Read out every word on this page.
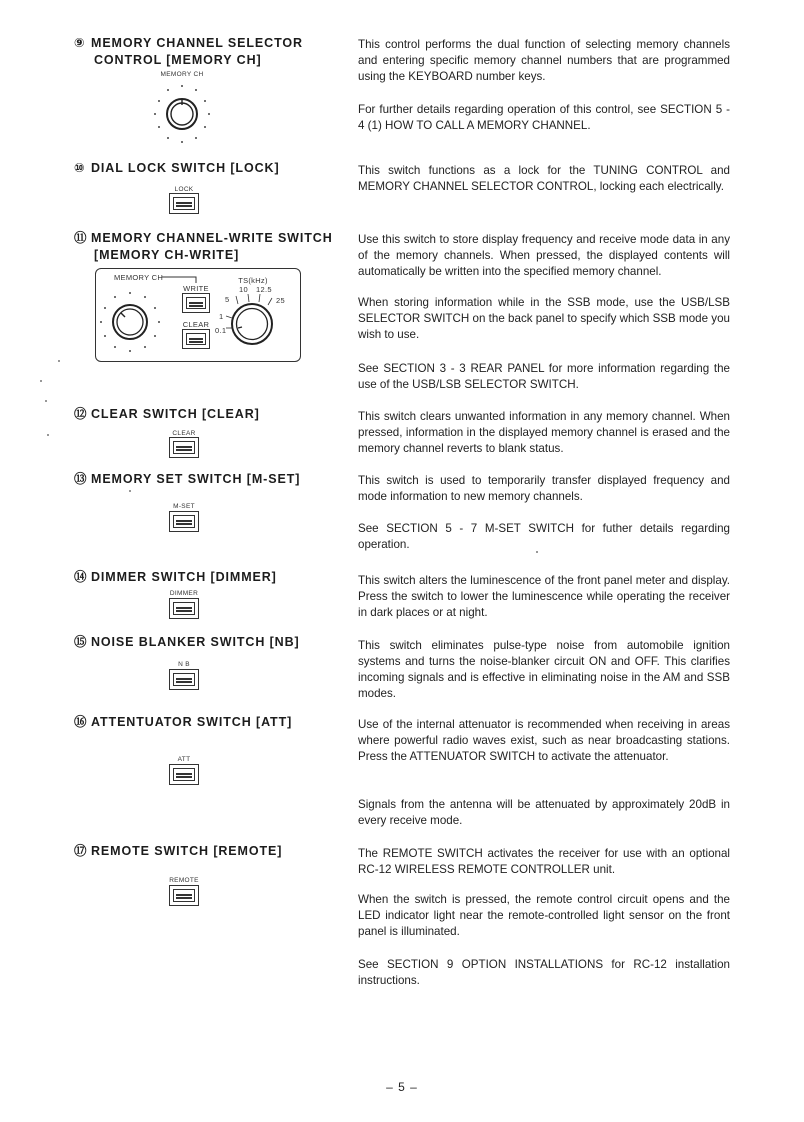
⑨ MEMORY CHANNEL SELECTOR
CONTROL [MEMORY CH]
MEMORY CH
This control performs the dual function of selecting memory channels and entering specific memory channel numbers that are programmed using the KEYBOARD number keys.
For further details regarding operation of this control, see SECTION 5 - 4 (1) HOW TO CALL A MEMORY CHANNEL.
⑩ DIAL LOCK SWITCH [LOCK]
LOCK
This switch functions as a lock for the TUNING CONTROL and MEMORY CHANNEL SELECTOR CONTROL, locking each electrically.
⑪ MEMORY CHANNEL-WRITE SWITCH
[MEMORY CH-WRITE]
MEMORY CH
WRITE
CLEAR
TS(kHz)
10 12.5
5	25
1
0.1
Use this switch to store display frequency and receive mode data in any of the memory channels. When pressed, the displayed contents will automatically be written into the specified memory channel.
When storing information while in the SSB mode, use the USB/LSB SELECTOR SWITCH on the back panel to specify which SSB mode you wish to use.
See SECTION 3 - 3 REAR PANEL for more information regarding the use of the USB/LSB SELECTOR SWITCH.
⑫ CLEAR SWITCH [CLEAR]
CLEAR
This switch clears unwanted information in any memory channel. When pressed, information in the displayed memory channel is erased and the memory channel reverts to blank status.
⑬ MEMORY SET SWITCH [M-SET]
M-SET
This switch is used to temporarily transfer displayed frequency and mode information to new memory channels.
See SECTION 5 - 7 M-SET SWITCH for futher details regarding operation.
⑭ DIMMER SWITCH [DIMMER]
DIMMER
This switch alters the luminescence of the front panel meter and display. Press the switch to lower the luminescence while operating the receiver in dark places or at night.
⑮ NOISE BLANKER SWITCH [NB]
N B
This switch eliminates pulse-type noise from automobile ignition systems and turns the noise-blanker circuit ON and OFF. This clarifies incoming signals and is effective in eliminating noise in the AM and SSB modes.
⑯ ATTENTUATOR SWITCH [ATT]
ATT
Use of the internal attenuator is recommended when receiving in areas where powerful radio waves exist, such as near broadcasting stations. Press the ATTENUATOR SWITCH to activate the attenuator.
Signals from the antenna will be attenuated by approximately 20dB in every receive mode.
⑰ REMOTE SWITCH [REMOTE]
REMOTE
The REMOTE SWITCH activates the receiver for use with an optional RC-12 WIRELESS REMOTE CONTROLLER unit.
When the switch is pressed, the remote control circuit opens and the LED indicator light near the remote-controlled light sensor on the front panel is illuminated.
See SECTION 9 OPTION INSTALLATIONS for RC-12 installation instructions.
– 5 –
